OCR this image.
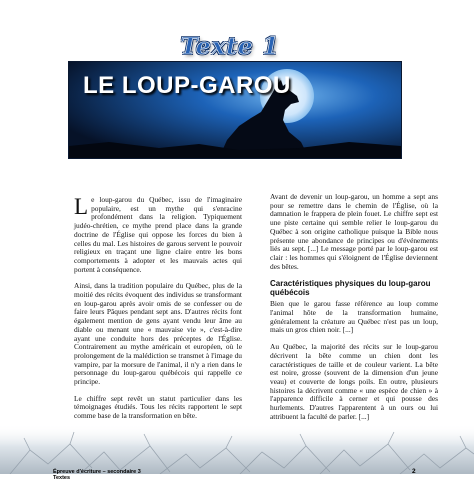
Texte 1
LE LOUP-GAROU

Le loup-garou du Québec, issu de l'imaginaire populaire, est un mythe qui s'enracine profondément dans la religion. Typiquement judéo-chrétien, ce mythe prend place dans la grande doctrine de l'Église qui oppose les forces du bien à celles du mal. Les histoires de garous servent le pouvoir religieux en traçant une ligne claire entre les bons comportements à adopter et les mauvais actes qui portent à conséquence.

Ainsi, dans la tradition populaire du Québec, plus de la moitié des récits évoquent des individus se transformant en loup-garou après avoir omis de se confesser ou de faire leurs Pâques pendant sept ans. D'autres récits font également mention de gens ayant vendu leur âme au diable ou menant une « mauvaise vie », c'est-à-dire ayant une conduite hors des préceptes de l'Église. Contrairement au mythe américain et européen, où le prolongement de la malédiction se transmet à l'image du vampire, par la morsure de l'animal, il n'y a rien dans le personnage du loup-garou québécois qui rappelle ce principe.

Le chiffre sept revêt un statut particulier dans les témoignages étudiés. Tous les récits rapportent le sept comme base de la transformation en bête.

Avant de devenir un loup-garou, un homme a sept ans pour se remettre dans le chemin de l'Église, où la damnation le frappera de plein fouet. Le chiffre sept est une piste certaine qui semble relier le loup-garou du Québec à son origine catholique puisque la Bible nous présente une abondance de principes ou d'événements liés au sept. [...] Le message porté par le loup-garou est clair : les hommes qui s'éloignent de l'Église deviennent des bêtes.

Caractéristiques physiques du loup-garou québécois

Bien que le garou fasse référence au loup comme l'animal hôte de la transformation humaine, généralement la créature au Québec n'est pas un loup, mais un gros chien noir. [...]

Au Québec, la majorité des récits sur le loup-garou décrivent la bête comme un chien dont les caractéristiques de taille et de couleur varient. La bête est noire, grosse (souvent de la dimension d'un jeune veau) et couverte de longs poils. En outre, plusieurs histoires la décrivent comme « une espèce de chien » à l'apparence difficile à cerner et qui pousse des hurlements. D'autres l'apparentent à un ours ou lui attribuent la faculté de parler. [...]

Épreuve d'écriture – secondaire 3
Textes
2
